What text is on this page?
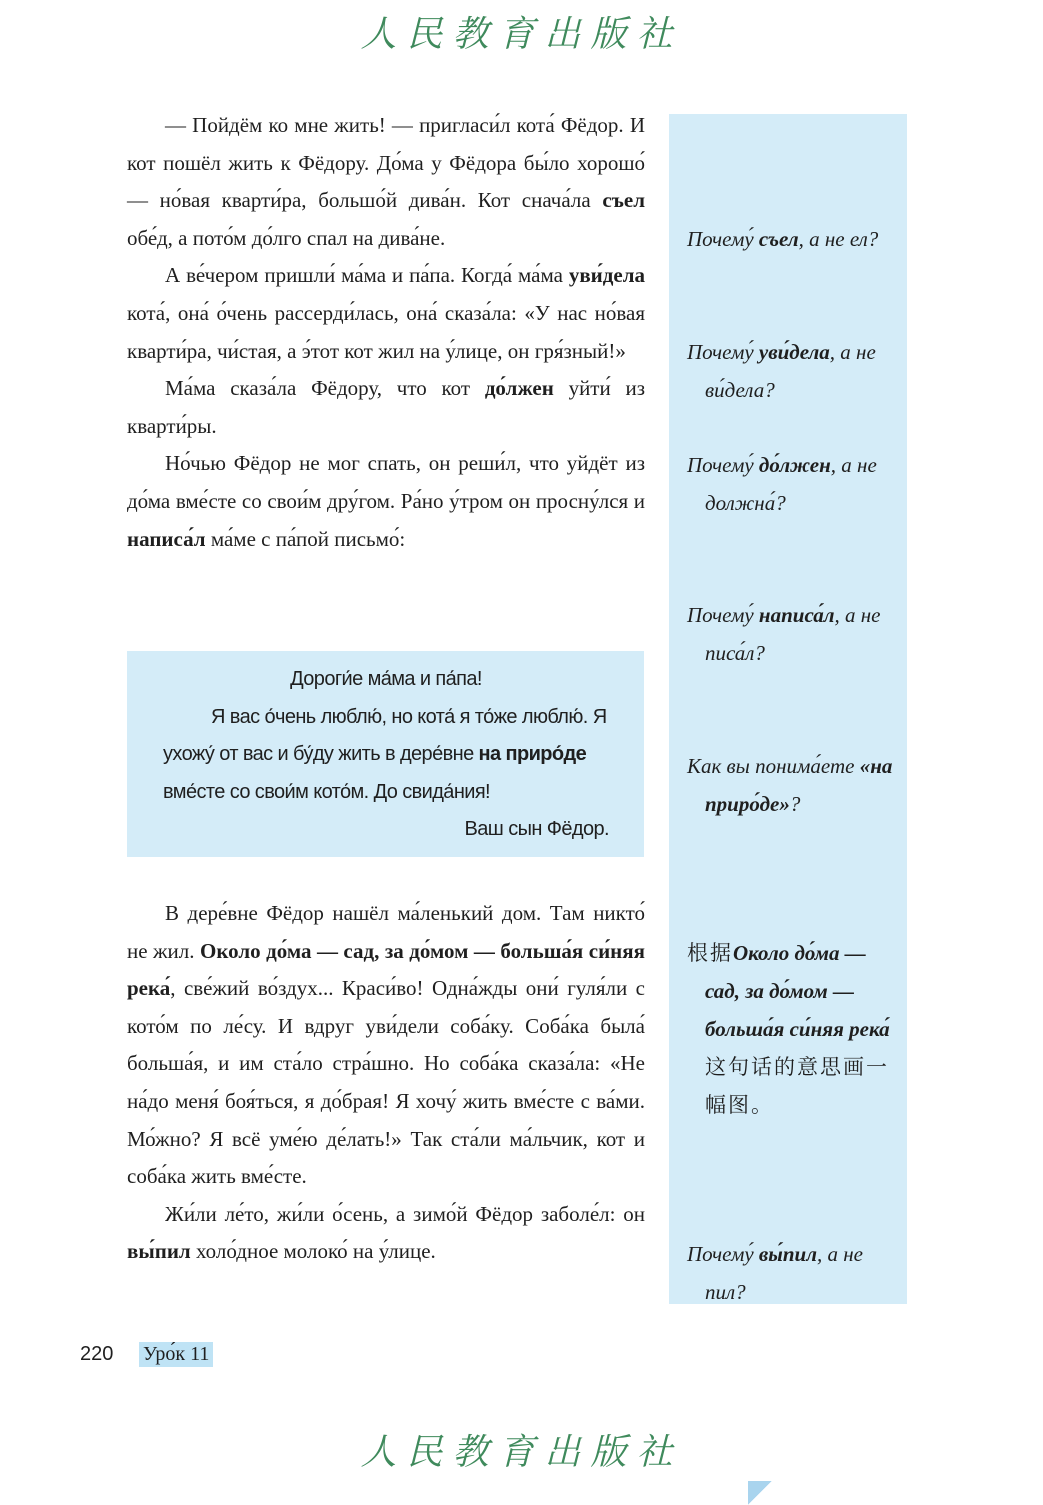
人民教育出版社

— Пойдём ко мне жить! — пригласи́л кота́ Фёдор. И кот пошёл жить к Фёдору. До́ма у Фёдора бы́ло хорошо́ — но́вая кварти́ра, большо́й дива́н. Кот снача́ла съел обе́д, а пото́м до́лго спал на дива́не.

А ве́чером пришли́ ма́ма и па́па. Когда́ ма́ма уви́дела кота́, она́ о́чень рассерди́лась, она́ сказа́ла: «У нас но́вая кварти́ра, чи́стая, а э́тот кот жил на у́лице, он гря́зный!»

Ма́ма сказа́ла Фёдору, что кот до́лжен уйти́ из кварти́ры.

Но́чью Фёдор не мог спать, он реши́л, что уйдёт из до́ма вме́сте со свои́м дру́гом. Ра́но у́тром он просну́лся и написа́л ма́ме с па́пой письмо́:

Дороги́е ма́ма и па́па!

Я вас о́чень люблю́, но кота́ я то́же люблю́. Я ухожу́ от вас и бу́ду жить в дере́вне на приро́де вме́сте со свои́м кото́м. До свида́ния!

Ваш сын Фёдор.

В дере́вне Фёдор нашёл ма́ленький дом. Там никто́ не жил. Около до́ма — сад, за до́мом — больша́я си́няя река́, све́жий во́здух... Краси́во! Одна́жды они́ гуля́ли с кото́м по ле́су. И вдруг уви́дели соба́ку. Соба́ка была́ больша́я, и им ста́ло стра́шно. Но соба́ка сказа́ла: «Не на́до меня́ боя́ться, я до́брая! Я хочу́ жить вме́сте с ва́ми. Мо́жно? Я всё уме́ю де́лать!» Так ста́ли ма́льчик, кот и соба́ка жить вме́сте.

Жи́ли ле́то, жи́ли о́сень, а зимо́й Фёдор заболе́л: он вы́пил холо́дное молоко́ на у́лице.

Почему́ съел, а не ел?

Почему́ уви́дела, а не ви́дела?

Почему́ до́лжен, а не должна́?

Почему́ написа́л, а не писа́л?

Как вы понима́ете «на приро́де»?

根据Около до́ма — сад, за до́мом — больша́я си́няя река́这句话的意思画一幅图。

Почему́ вы́пил, а не пил?

220 Уро́к 11
人民教育出版社
